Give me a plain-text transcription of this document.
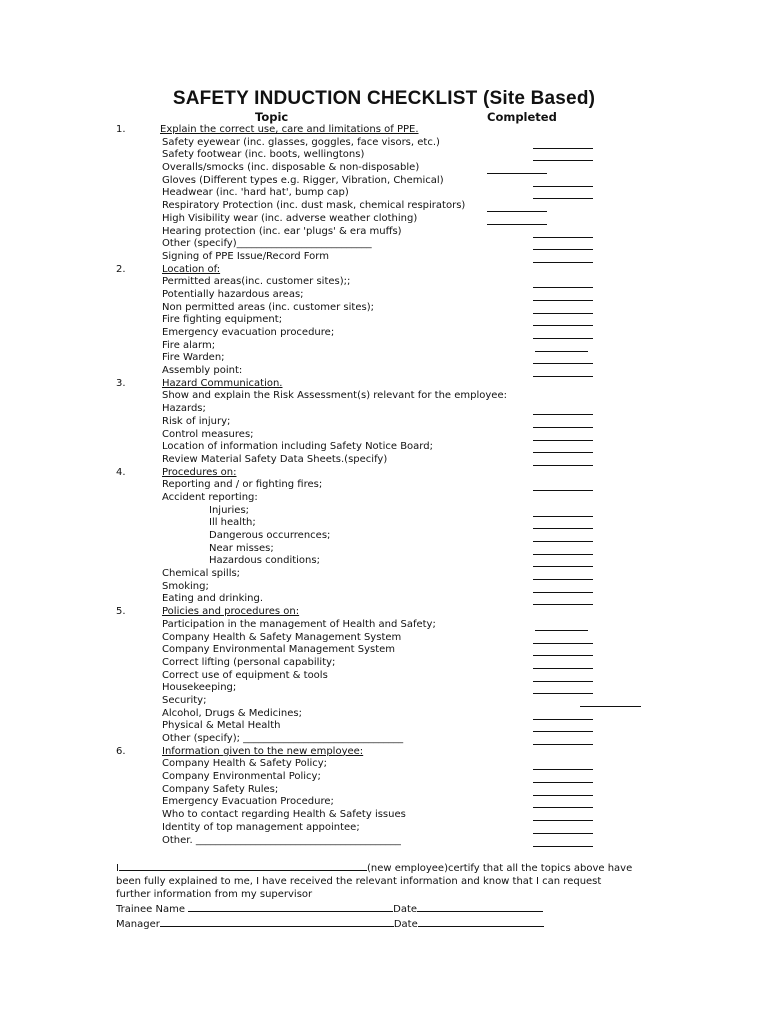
SAFETY INDUCTION CHECKLIST (Site Based)
Topic	Completed
1.	Explain the correct use, care and limitations of PPE.
Safety eyewear (inc. glasses, goggles, face visors, etc.)
Safety footwear (inc. boots, wellingtons)
Overalls/smocks (inc. disposable & non-disposable)
Gloves (Different types e.g. Rigger, Vibration, Chemical)
Headwear (inc. 'hard hat', bump cap)
Respiratory Protection (inc. dust mask, chemical respirators)
High Visibility wear (inc. adverse weather clothing)
Hearing protection (inc. ear 'plugs' & era muffs)
Other (specify)___________________________
Signing of PPE Issue/Record Form
2.	Location of:
Permitted areas(inc. customer sites);;
Potentially hazardous areas;
Non permitted areas (inc. customer sites);
Fire fighting equipment;
Emergency evacuation procedure;
Fire alarm;
Fire Warden;
Assembly point:
3.	Hazard Communication.
Show and explain the Risk Assessment(s) relevant for the employee:
Hazards;
Risk of injury;
Control measures;
Location of information including Safety Notice Board;
Review Material Safety Data Sheets.(specify)
4.	Procedures on:
Reporting and / or fighting fires;
Accident reporting:
Injuries;
Ill health;
Dangerous occurrences;
Near misses;
Hazardous conditions;
Chemical spills;
Smoking;
Eating and drinking.
5.	Policies and procedures on:
Participation in the management of Health and Safety;
Company Health & Safety Management System
Company Environmental Management System
Correct lifting (personal capability;
Correct use of equipment & tools
Housekeeping;
Security;
Alcohol, Drugs & Medicines;
Physical & Metal Health
Other (specify); ________________________________
6.	Information given to the new employee:
Company Health & Safety Policy;
Company Environmental Policy;
Company Safety Rules;
Emergency Evacuation Procedure;
Who to contact regarding Health & Safety issues
Identity of top management appointee;
Other. _________________________________________

I	(new employee)certify that all the topics above have

been fully explained to me, I have received the relevant information and know that I can request

further information from my supervisor

Trainee Name	Date

Manager	Date
